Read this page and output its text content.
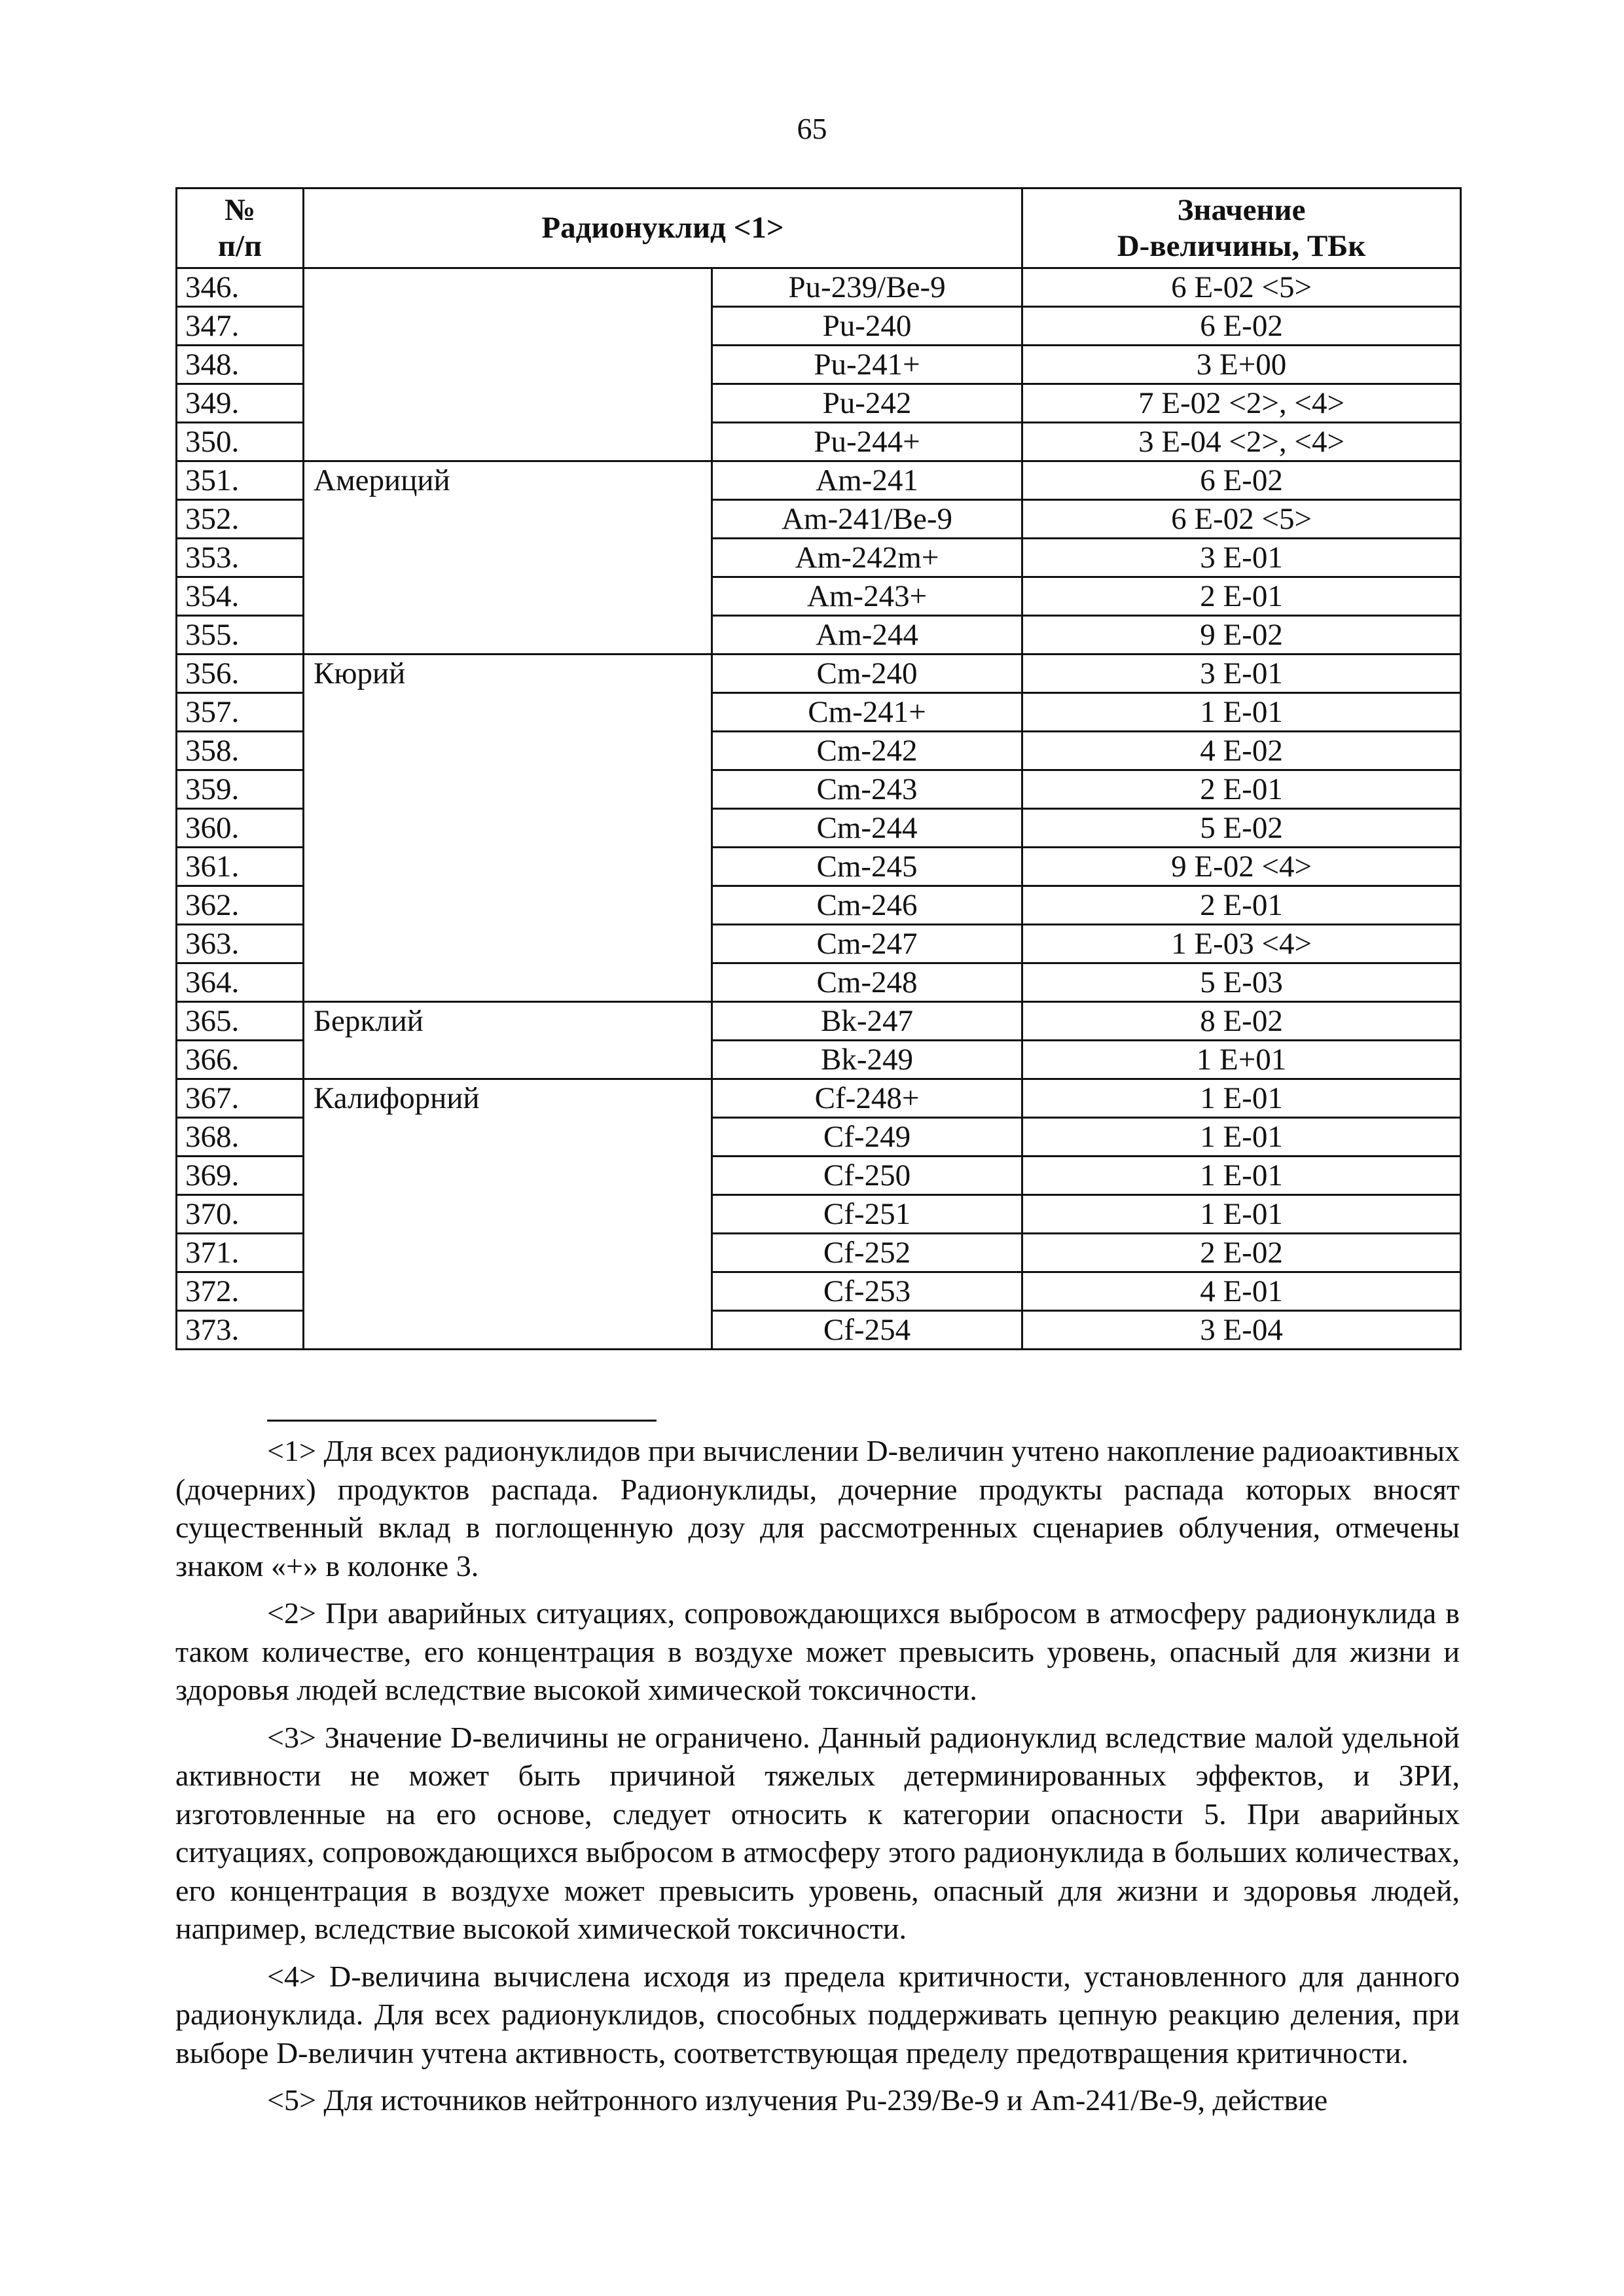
65
№
п/п	Радионуклид <1>		Значение
D-величины, ТБк
346.		Pu-239/Be-9	6 E-02 <5>
347.		Pu-240	6 E-02
348.		Pu-241+	3 E+00
349.		Pu-242	7 E-02 <2>, <4>
350.		Pu-244+	3 E-04 <2>, <4>
351.	Америций	Am-241	6 E-02
352.		Am-241/Be-9	6 E-02 <5>
353.		Am-242m+	3 E-01
354.		Am-243+	2 E-01
355.		Am-244	9 E-02
356.	Кюрий	Cm-240	3 E-01
357.		Cm-241+	1 E-01
358.		Cm-242	4 E-02
359.		Cm-243	2 E-01
360.		Cm-244	5 E-02
361.		Cm-245	9 E-02 <4>
362.		Cm-246	2 E-01
363.		Cm-247	1 E-03 <4>
364.		Cm-248	5 E-03
365.	Берклий	Bk-247	8 E-02
366.		Bk-249	1 E+01
367.	Калифорний	Cf-248+	1 E-01
368.		Cf-249	1 E-01
369.		Cf-250	1 E-01
370.		Cf-251	1 E-01
371.		Cf-252	2 E-02
372.		Cf-253	4 E-01
373.		Cf-254	3 E-04

<1> Для всех радионуклидов при вычислении D-величин учтено накопление радиоактивных (дочерних) продуктов распада. Радионуклиды, дочерние продукты распада которых вносят существенный вклад в поглощенную дозу для рассмотренных сценариев облучения, отмечены знаком «+» в колонке 3.

<2> При аварийных ситуациях, сопровождающихся выбросом в атмосферу радионуклида в таком количестве, его концентрация в воздухе может превысить уровень, опасный для жизни и здоровья людей вследствие высокой химической токсичности.

<3> Значение D-величины не ограничено. Данный радионуклид вследствие малой удельной активности не может быть причиной тяжелых детерминированных эффектов, и ЗРИ, изготовленные на его основе, следует относить к категории опасности 5. При аварийных ситуациях, сопровождающихся выбросом в атмосферу этого радионуклида в больших количествах, его концентрация в воздухе может превысить уровень, опасный для жизни и здоровья людей, например, вследствие высокой химической токсичности.

<4> D-величина вычислена исходя из предела критичности, установленного для данного радионуклида. Для всех радионуклидов, способных поддерживать цепную реакцию деления, при выборе D-величин учтена активность, соответствующая пределу предотвращения критичности.

<5> Для источников нейтронного излучения Pu-239/Be-9 и Am-241/Be-9, действие
